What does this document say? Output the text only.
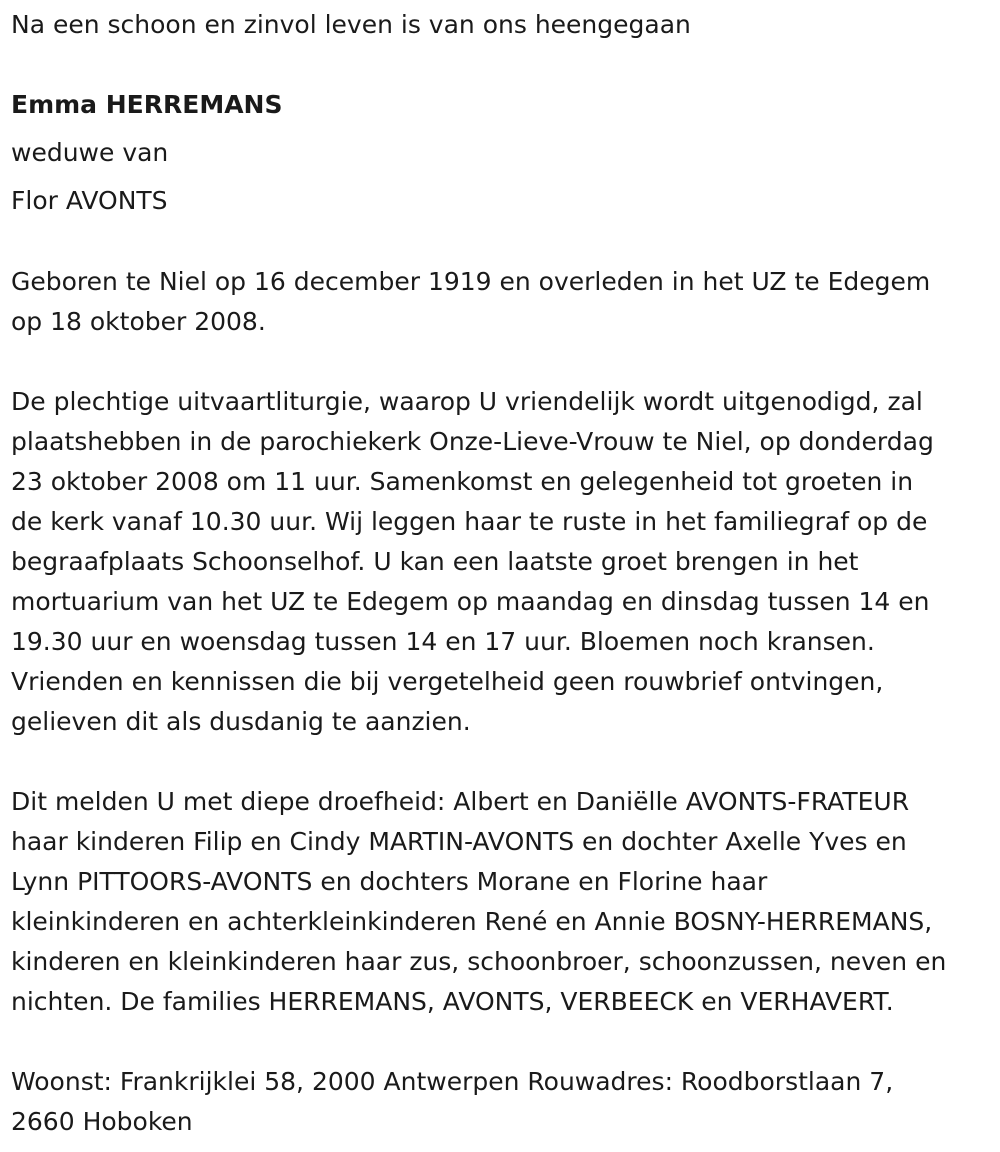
Na een schoon en zinvol leven is van ons heengegaan

Emma HERREMANS

weduwe van

Flor AVONTS

Geboren te Niel op 16 december 1919 en overleden in het UZ te Edegem
op 18 oktober 2008.

De plechtige uitvaartliturgie, waarop U vriendelijk wordt uitgenodigd, zal
plaatshebben in de parochiekerk Onze-Lieve-Vrouw te Niel, op donderdag
23 oktober 2008 om 11 uur. Samenkomst en gelegenheid tot groeten in
de kerk vanaf 10.30 uur. Wij leggen haar te ruste in het familiegraf op de
begraafplaats Schoonselhof. U kan een laatste groet brengen in het
mortuarium van het UZ te Edegem op maandag en dinsdag tussen 14 en
19.30 uur en woensdag tussen 14 en 17 uur. Bloemen noch kransen.
Vrienden en kennissen die bij vergetelheid geen rouwbrief ontvingen,
gelieven dit als dusdanig te aanzien.

Dit melden U met diepe droefheid: Albert en Daniëlle AVONTS-FRATEUR
haar kinderen Filip en Cindy MARTIN-AVONTS en dochter Axelle Yves en
Lynn PITTOORS-AVONTS en dochters Morane en Florine haar
kleinkinderen en achterkleinkinderen René en Annie BOSNY-HERREMANS,
kinderen en kleinkinderen haar zus, schoonbroer, schoonzussen, neven en
nichten. De families HERREMANS, AVONTS, VERBEECK en VERHAVERT.

Woonst: Frankrijklei 58, 2000 Antwerpen Rouwadres: Roodborstlaan 7,
2660 Hoboken
